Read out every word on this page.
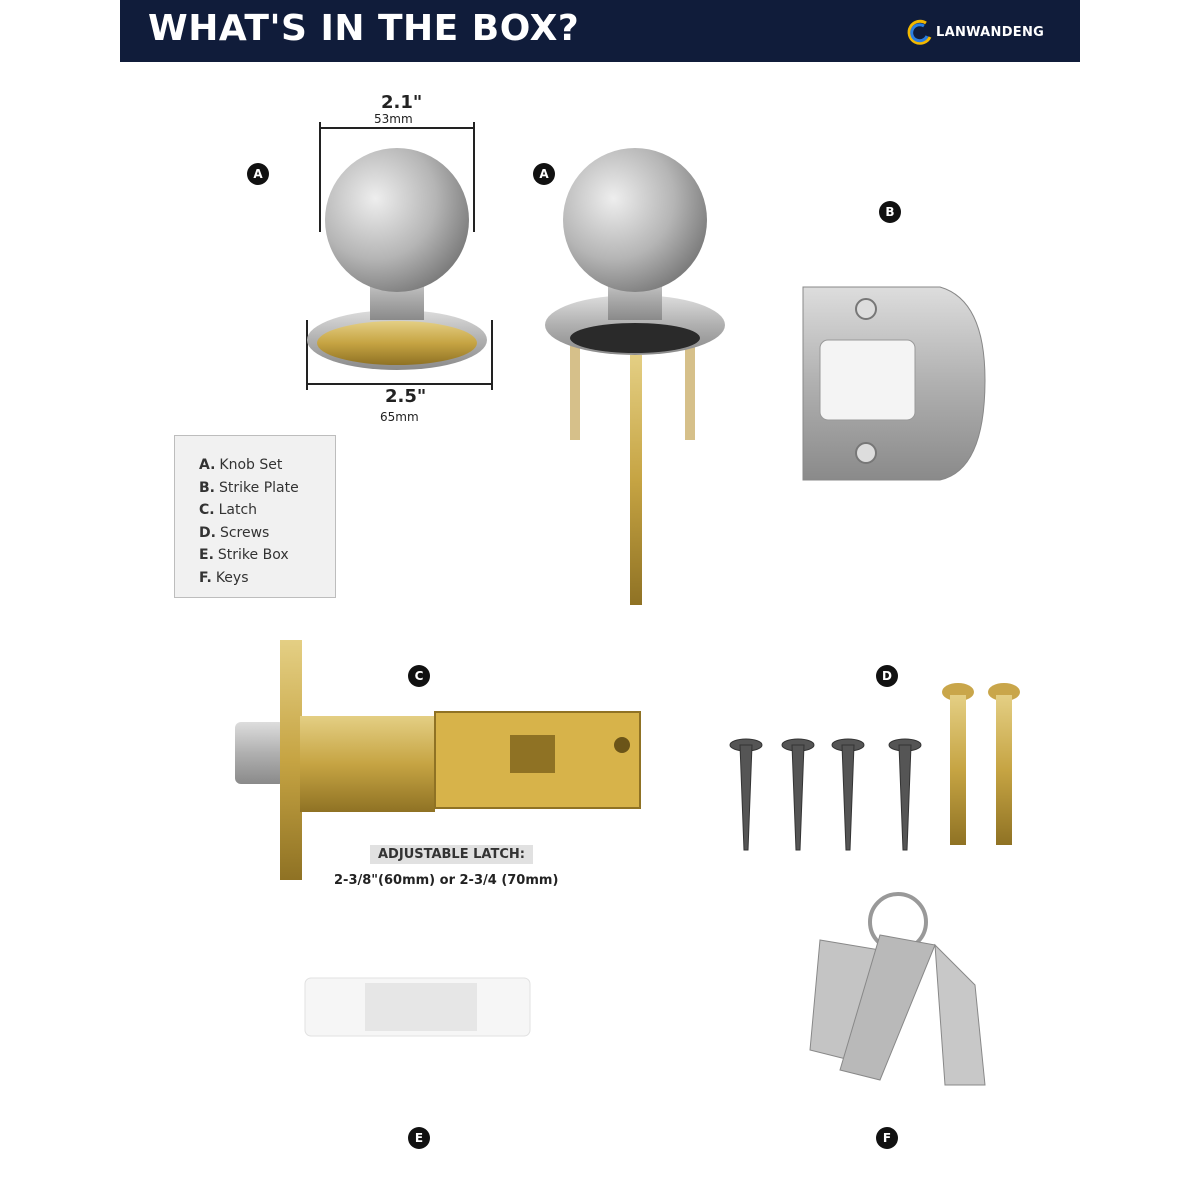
WHAT'S IN THE BOX?	LANWANDENG
A	A
B
C	D
E	F
2.1"
53mm
2.5"
65mm
A. Knob Set
B. Strike Plate
C. Latch
D. Screws
E. Strike Box
F. Keys
ADJUSTABLE LATCH:
2-3/8"(60mm) or 2-3/4 (70mm)
